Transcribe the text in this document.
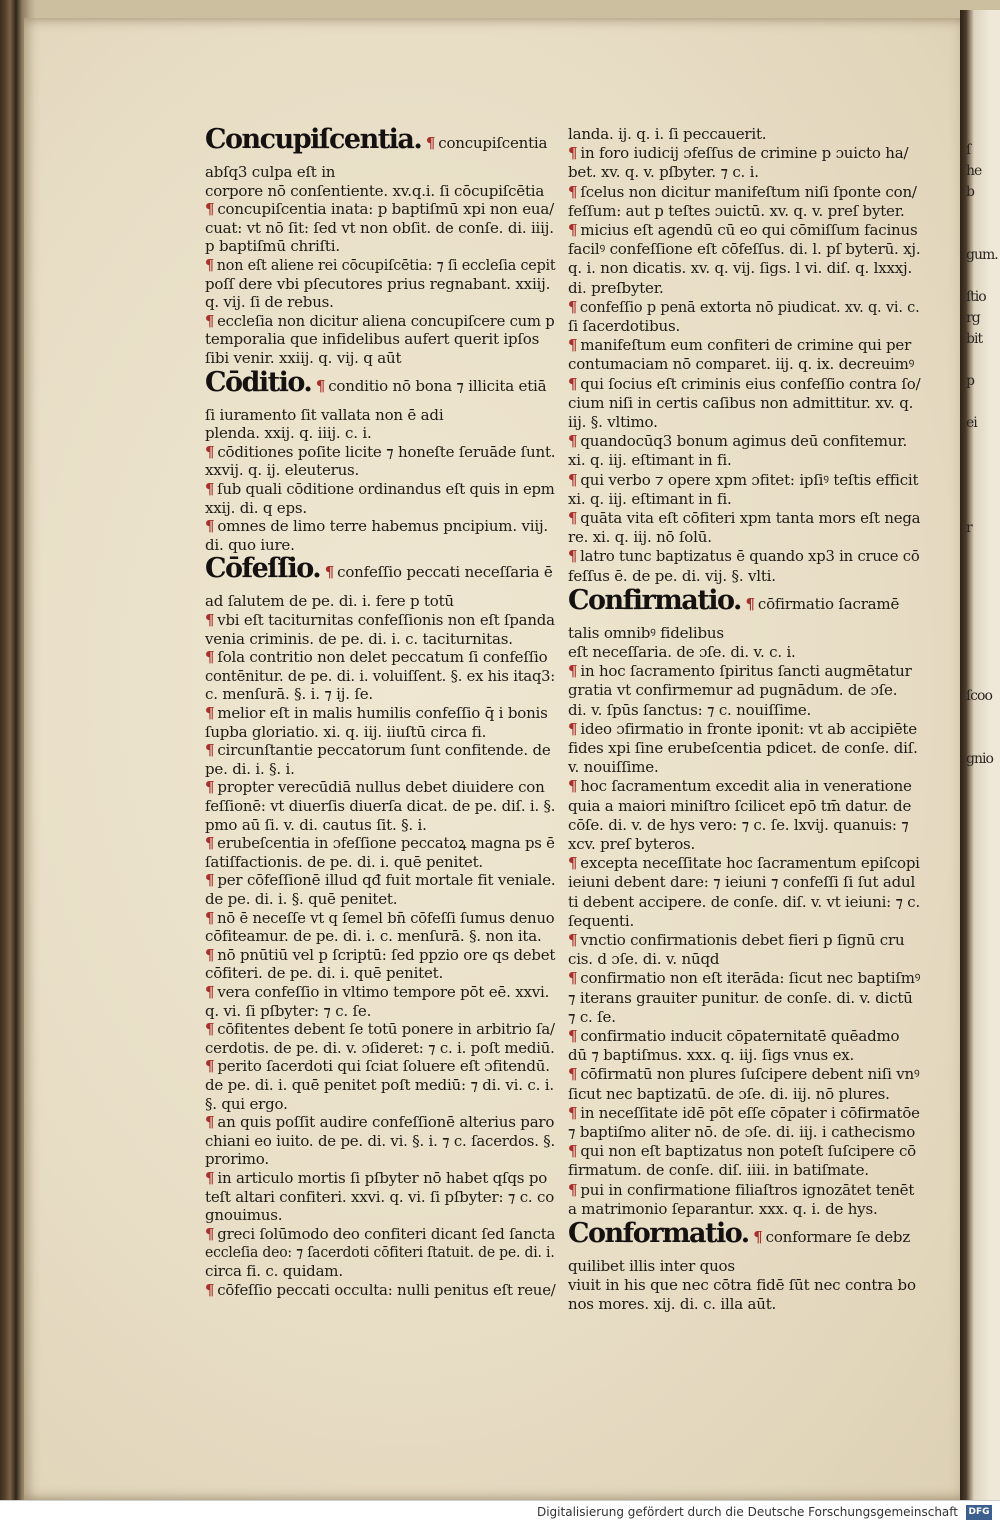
ſ
he
b

gum.

ſtio
rg
bit

p

ei

r

ſcoo

gnio
Concupiſcentia. ¶ concupiſcentia
abſq3 culpa eſt in
corpore nō conſentiente. xv.q.i. ſi cōcupiſcētia
¶ concupiſcentia inata: p baptiſmū xpi non eua/
cuat: vt nō ſit: ſed vt non obſit. de conſe. di. iiij.
p baptiſmū chriſti.
¶ non eſt aliene rei cōcupiſcētia: ⁊ ſi eccleſia cepit
poſſ dere vbi pſecutores prius regnabant. xxiij.
q. vij. ſi de rebus.
¶ eccleſia non dicitur aliena concupiſcere cum p
temporalia que infidelibus aufert querit ipſos
ſibi venir. xxiij. q. vij. q aūt
Cōditio. ¶ conditio nō bona ⁊ illicita etiā
ſi iuramento ſit vallata non ē adi
plenda. xxij. q. iiij. c. i.
¶ cōditiones poſite licite ⁊ honeſte ſeruāde ſunt.
xxvij. q. ij. eleuterus.
¶ ſub quali cōditione ordinandus eſt quis in epm
xxij. di. q eps.
¶ omnes de limo terre habemus pncipium. viij.
di. quo iure.
Cōfeſſio. ¶ confeſſio peccati neceſſaria ē
ad ſalutem de pe. di. i. fere p totū
¶ vbi eſt taciturnitas confeſſionis non eſt ſpanda
venia criminis. de pe. di. i. c. taciturnitas.
¶ ſola contritio non delet peccatum ſi confeſſio
contēnitur. de pe. di. i. voluiſſent. §. ex his itaq3:
c. menſurā. §. i. ⁊ ij. ſe.
¶ melior eſt in malis humilis confeſſio q̄ i bonis
ſupba gloriatio. xi. q. iij. iiuſtū circa fi.
¶ circunſtantie peccatorum ſunt confitende. de
pe. di. i. §. i.
¶ propter verecūdiā nullus debet diuidere con
feſſionē: vt diuerſis diuerſa dicat. de pe. diſ. i. §.
pmo aū ſi. v. di. cautus ſit. §. i.
¶ erubeſcentia in ɔfeſſione peccatoꝝ magna ps ē
ſatiſfactionis. de pe. di. i. quē penitet.
¶ per cōfeſſionē illud qđ fuit mortale fit veniale.
de pe. di. i. §. quē penitet.
¶ nō ē neceſſe vt q ſemel bn̄ cōfeſſi ſumus denuo
cōfiteamur. de pe. di. i. c. menſurā. §. non ita.
¶ nō pnūtiū vel p ſcriptū: ſed ppzio ore qs debet
cōfiteri. de pe. di. i. quē penitet.
¶ vera confeſſio in vltimo tempore pōt eē. xxvi.
q. vi. ſi pſbyter: ⁊ c. ſe.
¶ cōfitentes debent ſe totū ponere in arbitrio ſa/
cerdotis. de pe. di. v. ɔſideret: ⁊ c. i. poſt mediū.
¶ perito ſacerdoti qui ſciat ſoluere eſt ɔfitendū.
de pe. di. i. quē penitet poſt mediū: ⁊ di. vi. c. i.
§. qui ergo.
¶ an quis poſſit audire confeſſionē alterius paro
chiani eo iuito. de pe. di. vi. §. i. ⁊ c. ſacerdos. §.
prorimo.
¶ in articulo mortis ſi pſbyter nō habet qſqs po
teſt altari confiteri. xxvi. q. vi. ſi pſbyter: ⁊ c. co
gnouimus.
¶ greci ſolūmodo deo confiteri dicant ſed ſancta
eccleſia deo: ⁊ ſacerdoti cōfiteri ſtatuit. de pe. di. i.
circa fi. c. quidam.
¶ cōfeſſio peccati occulta: nulli penitus eſt reue/
landa. ij. q. i. ſi peccauerit.
¶ in foro iudicij ɔfeſſus de crimine p ɔuicto ha/
bet. xv. q. v. pſbyter. ⁊ c. i.
¶ ſcelus non dicitur manifeſtum niſi ſponte con/
feſſum: aut p teſtes ɔuictū. xv. q. v. preſ byter.
¶ micius eſt agendū cū eo qui cōmiſſum facinus
facilꝰ confeſſione eſt cōfeſſus. di. l. pſ byterū. xj.
q. i. non dicatis. xv. q. vij. ſigs. l vi. diſ. q. lxxxj.
di. preſbyter.
¶ confeſſio p penā extorta nō piudicat. xv. q. vi. c.
ſi ſacerdotibus.
¶ manifeſtum eum confiteri de crimine qui per
contumaciam nō comparet. iij. q. ix. decreuimꝰ
¶ qui ſocius eſt criminis eius confeſſio contra ſo/
cium niſi in certis caſibus non admittitur. xv. q.
iij. §. vltimo.
¶ quandocūq3 bonum agimus deū confitemur.
xi. q. iij. eſtimant in fi.
¶ qui verbo ⁊ opere xpm ɔfitet: ipſiꝰ teſtis efficit
xi. q. iij. eſtimant in fi.
¶ quāta vita eſt cōfiteri xpm tanta mors eſt nega
re. xi. q. iij. nō ſolū.
¶ latro tunc baptizatus ē quando xp3 in cruce cō
feſſus ē. de pe. di. vij. §. vlti.
Confirmatio. ¶ cōfirmatio ſacramē
talis omnibꝰ fidelibus
eſt neceſſaria. de ɔſe. di. v. c. i.
¶ in hoc ſacramento ſpiritus ſancti augmētatur
gratia vt confirmemur ad pugnādum. de ɔſe.
di. v. ſpūs ſanctus: ⁊ c. nouiſſime.
¶ ideo ɔfirmatio in fronte iponit: vt ab accipiēte
fides xpi ſine erubeſcentia pdicet. de conſe. diſ.
v. nouiſſime.
¶ hoc ſacramentum excedit alia in veneratione
quia a maiori miniſtro ſcilicet epō tm̄ datur. de
cōſe. di. v. de hys vero: ⁊ c. ſe. lxvij. quanuis: ⁊
xcv. preſ byteros.
¶ excepta neceſſitate hoc ſacramentum epiſcopi
ieiuni debent dare: ⁊ ieiuni ⁊ confeſſi ſi ſut adul
ti debent accipere. de conſe. diſ. v. vt ieiuni: ⁊ c.
ſequenti.
¶ vnctio confirmationis debet fieri p ſignū cru
cis. d ɔſe. di. v. nūqd
¶ confirmatio non eſt iterāda: ſicut nec baptiſmꝰ
⁊ iterans grauiter punitur. de conſe. di. v. dictū
⁊ c. ſe.
¶ confirmatio inducit cōpaternitatē quēadmo
dū ⁊ baptiſmus. xxx. q. iij. ſigs vnus ex.
¶ cōfirmatū non plures ſuſcipere debent niſi vnꝰ
ſicut nec baptizatū. de ɔſe. di. iij. nō plures.
¶ in neceſſitate idē pōt eſſe cōpater i cōfirmatōe
⁊ baptiſmo aliter nō. de ɔſe. di. iij. i cathecismo
¶ qui non eſt baptizatus non poteſt ſuſcipere cō
firmatum. de conſe. diſ. iiii. in batiſmate.
¶ pui in confirmatione filiaſtros ignozātet tenēt
a matrimonio ſeparantur. xxx. q. i. de hys.
Conformatio. ¶ conformare ſe debz
quilibet illis inter quos
viuit in his que nec cōtra fidē ſūt nec contra bo
nos mores. xij. di. c. illa aūt.
Digitalisierung gefördert durch die Deutsche Forschungsgemeinschaft DFG
